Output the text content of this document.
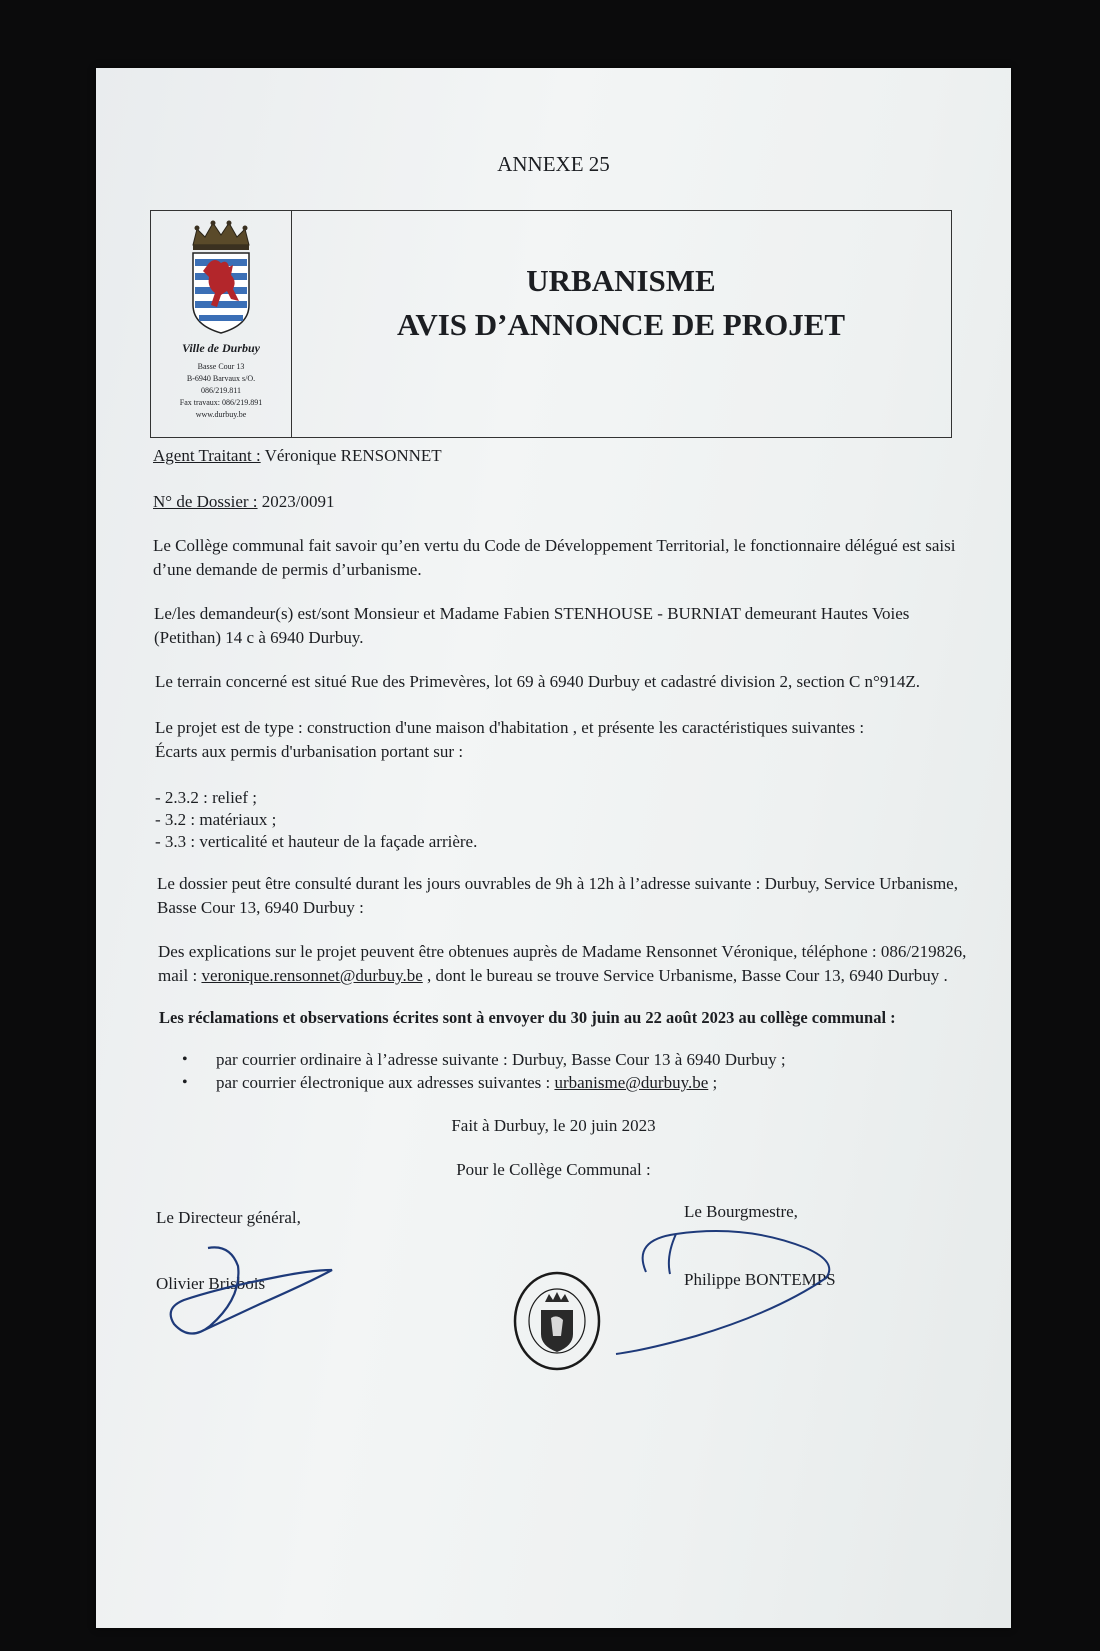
ANNEXE 25
Ville de Durbuy
Basse Cour 13
B-6940 Barvaux s/O.
086/219.811
Fax travaux: 086/219.891
www.durbuy.be
URBANISME
AVIS D’ANNONCE DE PROJET
Agent Traitant : Véronique RENSONNET
N° de Dossier : 2023/0091
Le Collège communal fait savoir qu’en vertu du Code de Développement Territorial, le fonctionnaire délégué est saisi
d’une demande de permis d’urbanisme.
Le/les demandeur(s) est/sont Monsieur et Madame Fabien STENHOUSE - BURNIAT demeurant Hautes Voies
(Petithan) 14 c à 6940 Durbuy.
Le terrain concerné est situé Rue des Primevères, lot 69 à 6940 Durbuy et cadastré division 2, section C n°914Z.
Le projet est de type : construction d'une maison d'habitation , et présente les caractéristiques suivantes :
Écarts aux permis d'urbanisation portant sur :
- 2.3.2 : relief ;
- 3.2 : matériaux ;
- 3.3 : verticalité et hauteur de la façade arrière.
Le dossier peut être consulté durant les jours ouvrables de 9h à 12h à l’adresse suivante : Durbuy, Service Urbanisme,
Basse Cour 13, 6940 Durbuy :
Des explications sur le projet peuvent être obtenues auprès de Madame Rensonnet Véronique, téléphone : 086/219826,
mail : veronique.rensonnet@durbuy.be , dont le bureau se trouve Service Urbanisme, Basse Cour 13, 6940 Durbuy .
Les réclamations et observations écrites sont à envoyer du 30 juin au 22 août 2023 au collège communal :
• par courrier ordinaire à l’adresse suivante : Durbuy, Basse Cour 13 à 6940 Durbuy ;
• par courrier électronique aux adresses suivantes : urbanisme@durbuy.be ;
Fait à Durbuy, le 20 juin 2023
Pour le Collège Communal :
Le Directeur général,
Olivier Brisbois
Le Bourgmestre,
Philippe BONTEMPS
